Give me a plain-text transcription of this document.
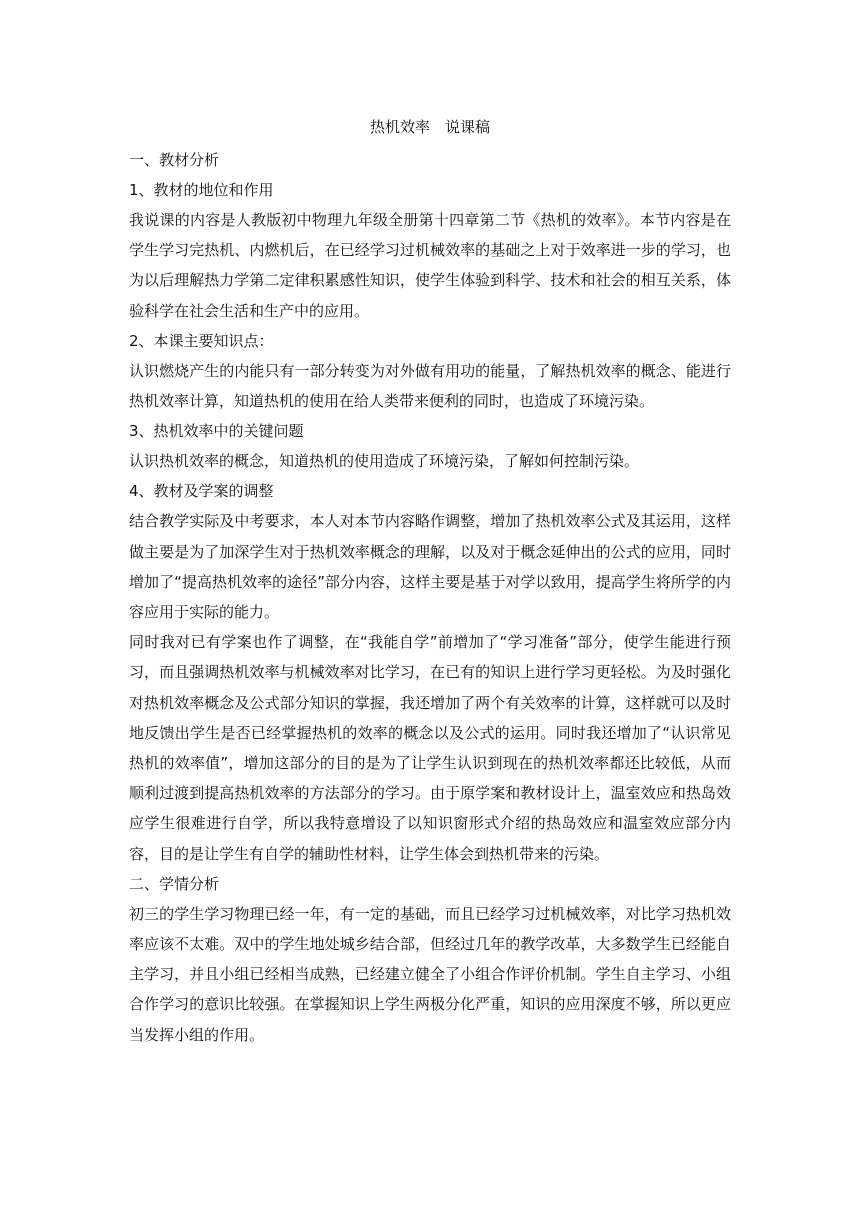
热机效率　说课稿
一、教材分析
1、教材的地位和作用

我说课的内容是人教版初中物理九年级全册第十四章第二节《热机的效率》。本节内容是在学生学习完热机、内燃机后，在已经学习过机械效率的基础之上对于效率进一步的学习，也为以后理解热力学第二定律积累感性知识，使学生体验到科学、技术和社会的相互关系，体验科学在社会生活和生产中的应用。

2、本课主要知识点：

认识燃烧产生的内能只有一部分转变为对外做有用功的能量，了解热机效率的概念、能进行热机效率计算，知道热机的使用在给人类带来便利的同时，也造成了环境污染。

3、热机效率中的关键问题

认识热机效率的概念，知道热机的使用造成了环境污染，了解如何控制污染。

4、教材及学案的调整

结合教学实际及中考要求，本人对本节内容略作调整，增加了热机效率公式及其运用，这样做主要是为了加深学生对于热机效率概念的理解，以及对于概念延伸出的公式的应用，同时增加了“提高热机效率的途径”部分内容，这样主要是基于对学以致用，提高学生将所学的内容应用于实际的能力。

同时我对已有学案也作了调整，在“我能自学”前增加了“学习准备”部分，使学生能进行预习，而且强调热机效率与机械效率对比学习，在已有的知识上进行学习更轻松。为及时强化对热机效率概念及公式部分知识的掌握，我还增加了两个有关效率的计算，这样就可以及时地反馈出学生是否已经掌握热机的效率的概念以及公式的运用。同时我还增加了“认识常见热机的效率值”，增加这部分的目的是为了让学生认识到现在的热机效率都还比较低，从而顺利过渡到提高热机效率的方法部分的学习。由于原学案和教材设计上，温室效应和热岛效应学生很难进行自学，所以我特意增设了以知识窗形式介绍的热岛效应和温室效应部分内容，目的是让学生有自学的辅助性材料，让学生体会到热机带来的污染。

二、学情分析

初三的学生学习物理已经一年，有一定的基础，而且已经学习过机械效率，对比学习热机效率应该不太难。双中的学生地处城乡结合部，但经过几年的教学改革，大多数学生已经能自主学习，并且小组已经相当成熟，已经建立健全了小组合作评价机制。学生自主学习、小组合作学习的意识比较强。在掌握知识上学生两极分化严重，知识的应用深度不够，所以更应当发挥小组的作用。
